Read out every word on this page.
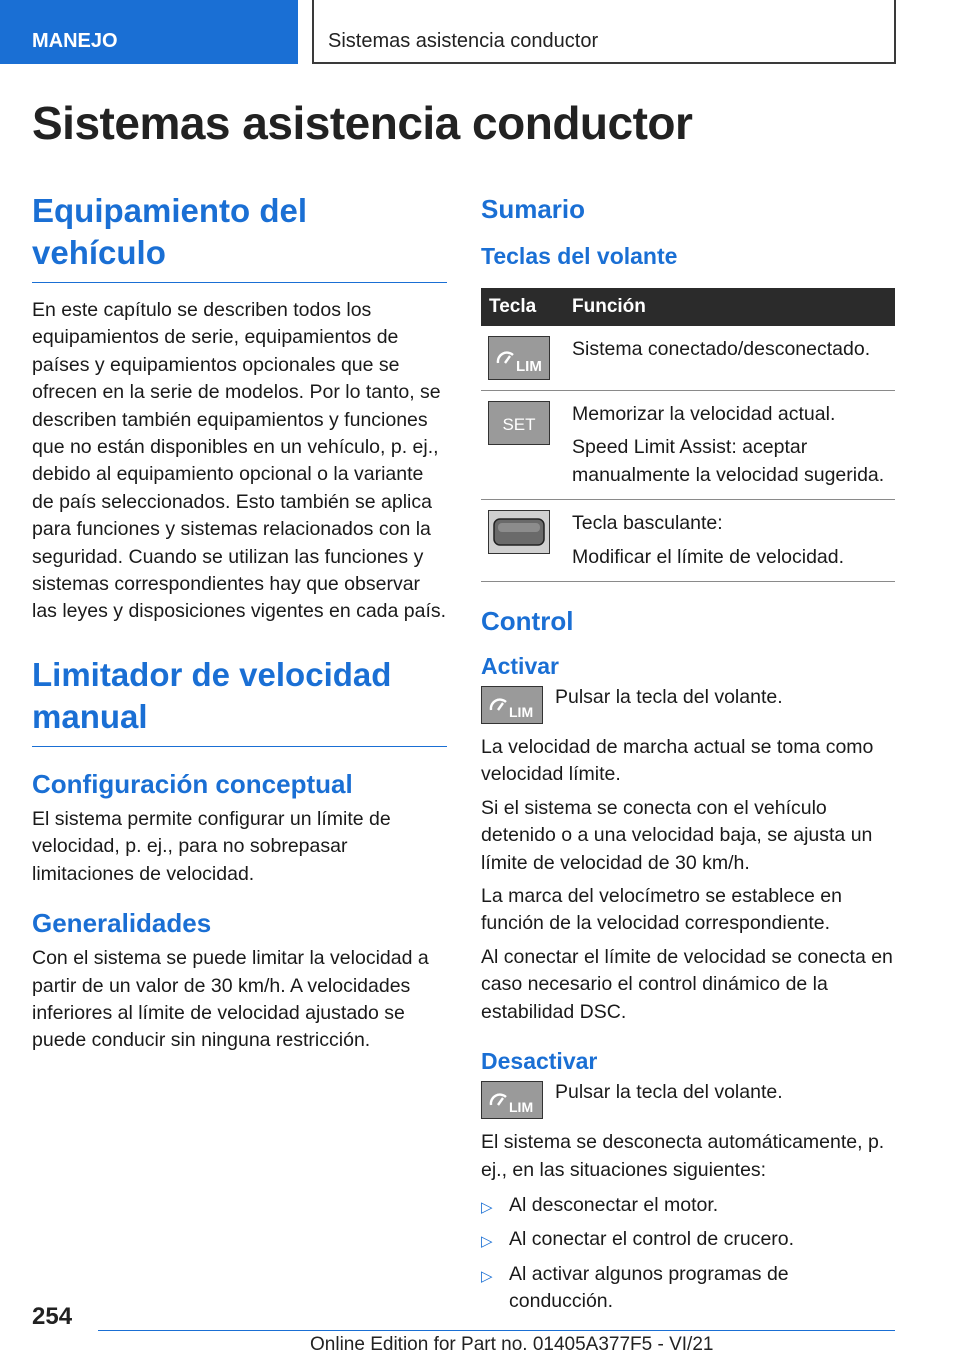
MANEJO	Sistemas asistencia conductor
Sistemas asistencia conductor
Equipamiento del vehículo

En este capítulo se describen todos los equipamientos de serie, equipamientos de países y equipamientos opcionales que se ofrecen en la serie de modelos. Por lo tanto, se describen también equipamientos y funciones que no están disponibles en un vehículo, p. ej., debido al equipamiento opcional o la variante de país seleccionados. Esto también se aplica para funciones y sistemas relacionados con la seguridad. Cuando se utilizan las funciones y sistemas correspondientes hay que observar las leyes y disposiciones vigentes en cada país.

Limitador de velocidad manual
Configuración conceptual

El sistema permite configurar un límite de velocidad, p. ej., para no sobrepasar limitaciones de velocidad.

Generalidades

Con el sistema se puede limitar la velocidad a partir de un valor de 30 km/h. A velocidades inferiores al límite de velocidad ajustado se puede conducir sin ninguna restricción.

Sumario
Teclas del volante
Tecla	Función

LIM	Sistema conectado/desconectado.

SET	Memorizar la velocidad actual.

Speed Limit Assist: aceptar manualmente la velocidad sugerida.

Tecla basculante:

Modificar el límite de velocidad.

Control
Activar
LIM

Pulsar la tecla del volante.

La velocidad de marcha actual se toma como velocidad límite.

Si el sistema se conecta con el vehículo detenido o a una velocidad baja, se ajusta un límite de velocidad de 30 km/h.

La marca del velocímetro se establece en función de la velocidad correspondiente.

Al conectar el límite de velocidad se conecta en caso necesario el control dinámico de la estabilidad DSC.

Desactivar
LIM

Pulsar la tecla del volante.

El sistema se desconecta automáticamente, p. ej., en las situaciones siguientes:

▷ Al desconectar el motor.
▷ Al conectar el control de crucero.
▷ Al activar algunos programas de conducción.
254
Online Edition for Part no. 01405A377F5 - VI/21
